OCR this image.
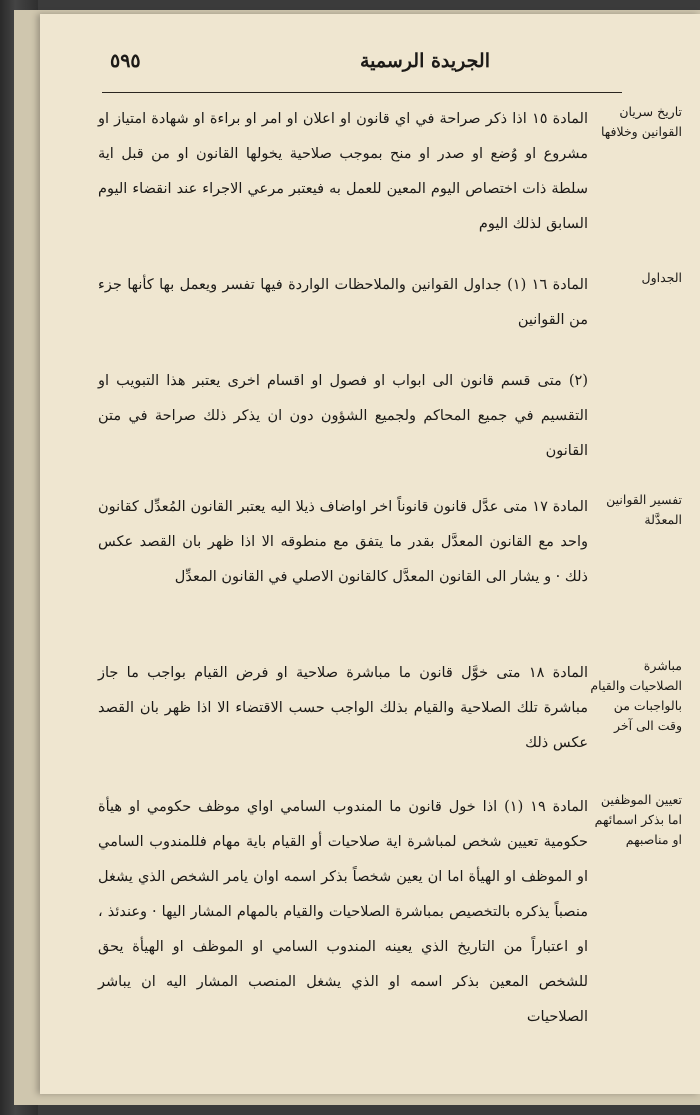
الجريدة الرسمية
٥٩٥
تاريخ سريان القوانين وخلافها
المادة ١٥ اذا ذكر صراحة في اي قانون او اعلان او امر او براءة او شهادة امتياز او مشروع او وُضع او صدر او منح بموجب صلاحية يخولها القانون او من قبل اية سلطة ذات اختصاص اليوم المعين للعمل به فيعتبر مرعي الاجراء عند انقضاء اليوم السابق لذلك اليوم
الجداول
المادة ١٦ (١) جداول القوانين والملاحظات الواردة فيها تفسر ويعمل بها كأنها جزء من القوانين
(٢) متى قسم قانون الى ابواب او فصول او اقسام اخرى يعتبر هذا التبويب او التقسيم في جميع المحاكم ولجميع الشؤون دون ان يذكر ذلك صراحة في متن القانون
تفسير القوانين المعدَّلة
المادة ١٧ متى عدَّل قانون قانوناً اخر اواضاف ذيلا اليه يعتبر القانون المُعدِّل كقانون واحد مع القانون المعدَّل بقدر ما يتفق مع منطوقه الا اذا ظهر بان القصد عكس ذلك · و يشار الى القانون المعدَّل كالقانون الاصلي في القانون المعدِّل
مباشرة الصلاحيات والقيام بالواجبات من وقت الى آخر
المادة ١٨ متى خوَّل قانون ما مباشرة صلاحية او فرض القيام بواجب ما جاز مباشرة تلك الصلاحية والقيام بذلك الواجب حسب الاقتضاء الا اذا ظهر بان القصد عكس ذلك
تعيين الموظفين اما بذكر اسمائهم او مناصبهم
المادة ١٩ (١) اذا خول قانون ما المندوب السامي اواي موظف حكومي او هيأة حكومية تعيين شخص لمباشرة اية صلاحيات أو القيام باية مهام فللمندوب السامي او الموظف او الهيأة اما ان يعين شخصاً بذكر اسمه اوان يامر الشخص الذي يشغل منصباً يذكره بالتخصيص بمباشرة الصلاحيات والقيام بالمهام المشار اليها · وعندئذ ، او اعتباراً من التاريخ الذي يعينه المندوب السامي او الموظف او الهيأة يحق للشخص المعين بذكر اسمه او الذي يشغل المنصب المشار اليه ان يباشر الصلاحيات
